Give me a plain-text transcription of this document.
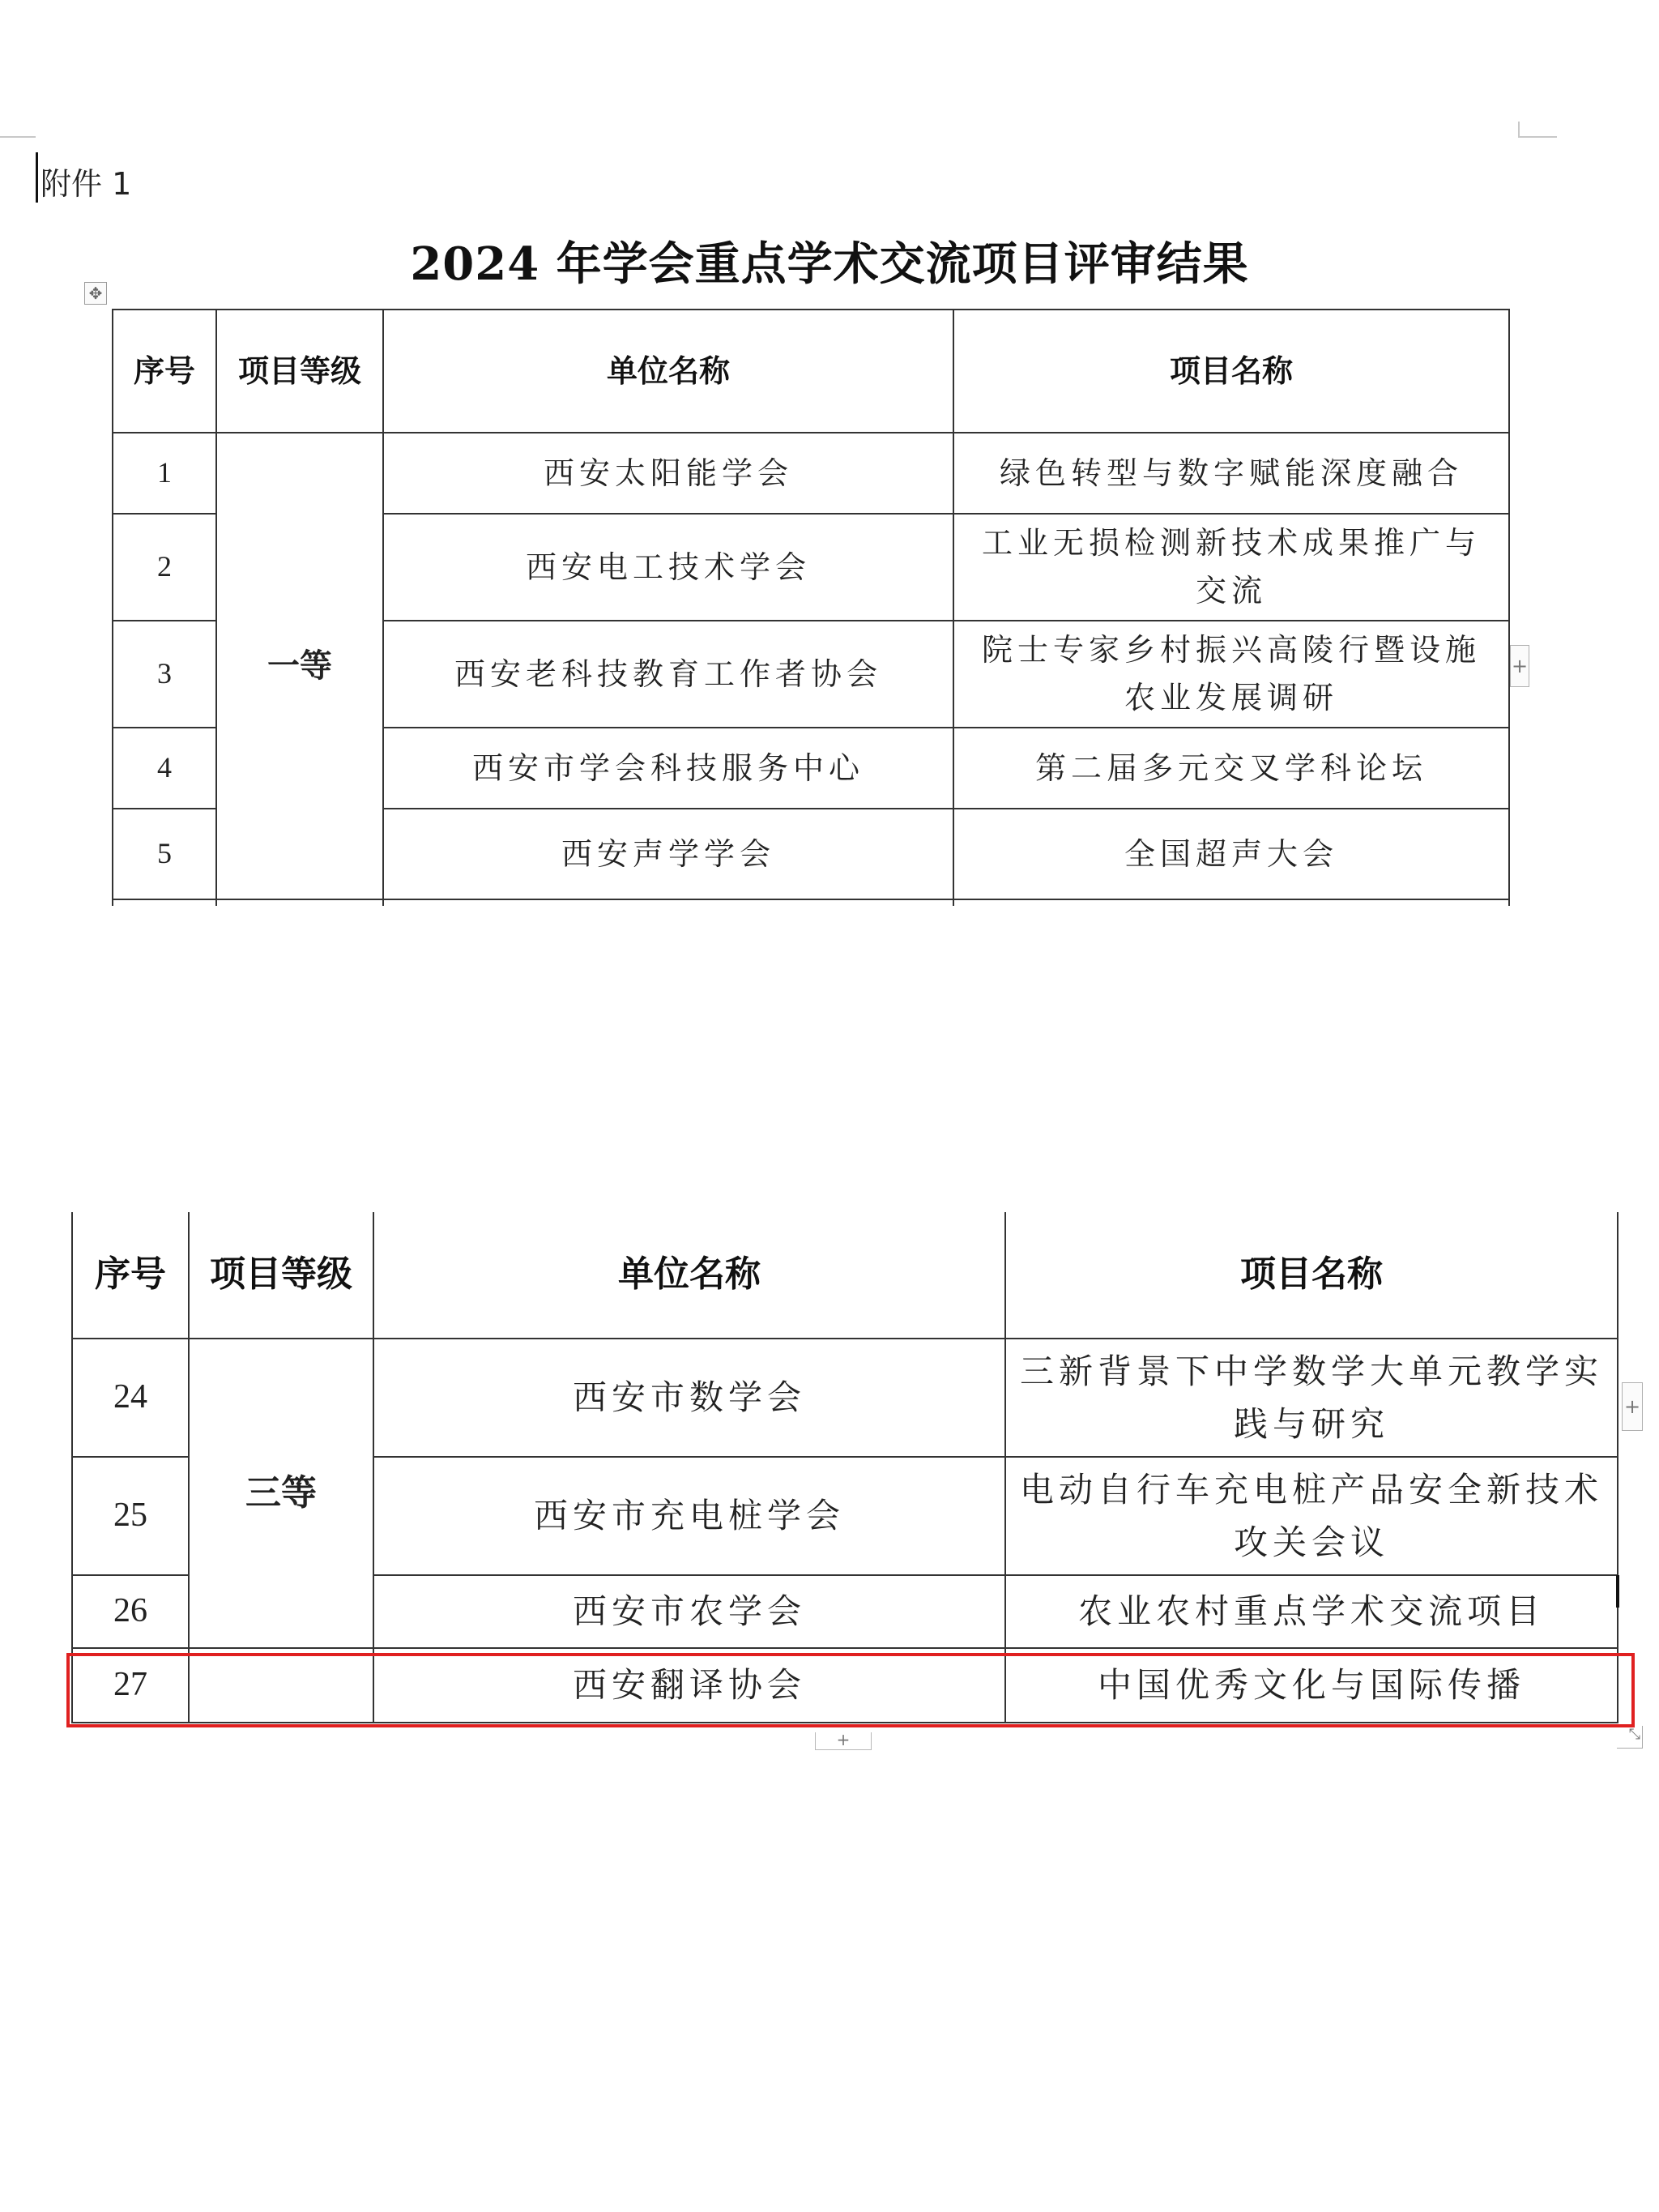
附件 1
2024 年学会重点学术交流项目评审结果
✥
序号	项目等级	单位名称	项目名称
1	一等	西安太阳能学会	绿色转型与数字赋能深度融合
2		西安电工技术学会	工业无损检测新技术成果推广与交流
3		西安老科技教育工作者协会	院士专家乡村振兴高陵行暨设施农业发展调研
4		西安市学会科技服务中心	第二届多元交叉学科论坛
5		西安声学学会	全国超声大会

+
序号	项目等级	单位名称	项目名称
24	三等	西安市数学会	三新背景下中学数学大单元教学实践与研究
25		西安市充电桩学会	电动自行车充电桩产品安全新技术攻关会议
26		西安市农学会	农业农村重点学术交流项目
27		西安翻译协会	中国优秀文化与国际传播
+
+	⤡
